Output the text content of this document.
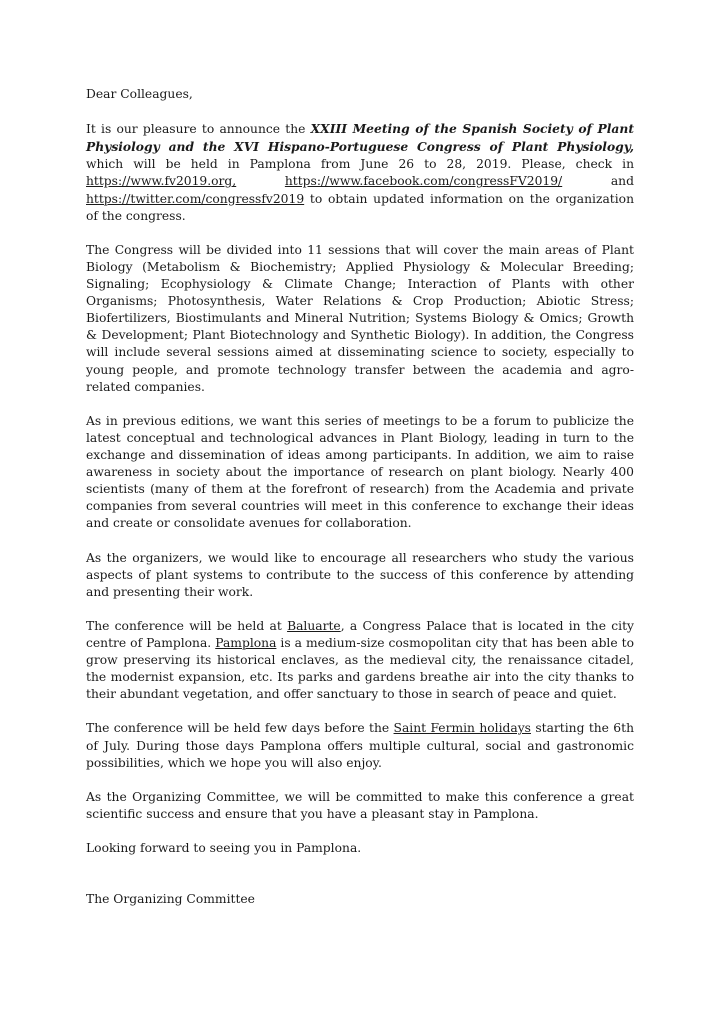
Dear Colleagues,

It is our pleasure to announce the XXIII Meeting of the Spanish Society of Plant Physiology and the XVI Hispano-Portuguese Congress of Plant Physiology, which will be held in Pamplona from June 26 to 28, 2019. Please, check in https://www.fv2019.org,	https://www.facebook.com/congressFV2019/ and https://twitter.com/congressfv2019 to obtain updated information on the organization of the congress.

The Congress will be divided into 11 sessions that will cover the main areas of Plant Biology (Metabolism & Biochemistry; Applied Physiology & Molecular Breeding; Signaling; Ecophysiology & Climate Change; Interaction of Plants with other Organisms; Photosynthesis, Water Relations & Crop Production; Abiotic Stress; Biofertilizers, Biostimulants and Mineral Nutrition; Systems Biology & Omics; Growth & Development; Plant Biotechnology and Synthetic Biology). In addition, the Congress will include several sessions aimed at disseminating science to society, especially to young people, and promote technology transfer between the academia and agro-related companies.

As in previous editions, we want this series of meetings to be a forum to publicize the latest conceptual and technological advances in Plant Biology, leading in turn to the exchange and dissemination of ideas among participants. In addition, we aim to raise awareness in society about the importance of research on plant biology. Nearly 400 scientists (many of them at the forefront of research) from the Academia and private companies from several countries will meet in this conference to exchange their ideas and create or consolidate avenues for collaboration.

As the organizers, we would like to encourage all researchers who study the various aspects of plant systems to contribute to the success of this conference by attending and presenting their work.

The conference will be held at Baluarte, a Congress Palace that is located in the city centre of Pamplona. Pamplona is a medium-size cosmopolitan city that has been able to grow preserving its historical enclaves, as the medieval city, the renaissance citadel, the modernist expansion, etc. Its parks and gardens breathe air into the city thanks to their abundant vegetation, and offer sanctuary to those in search of peace and quiet.

The conference will be held few days before the Saint Fermin holidays starting the 6th of July. During those days Pamplona offers multiple cultural, social and gastronomic possibilities, which we hope you will also enjoy.

As the Organizing Committee, we will be committed to make this conference a great scientific success and ensure that you have a pleasant stay in Pamplona.

Looking forward to seeing you in Pamplona.

The Organizing Committee
